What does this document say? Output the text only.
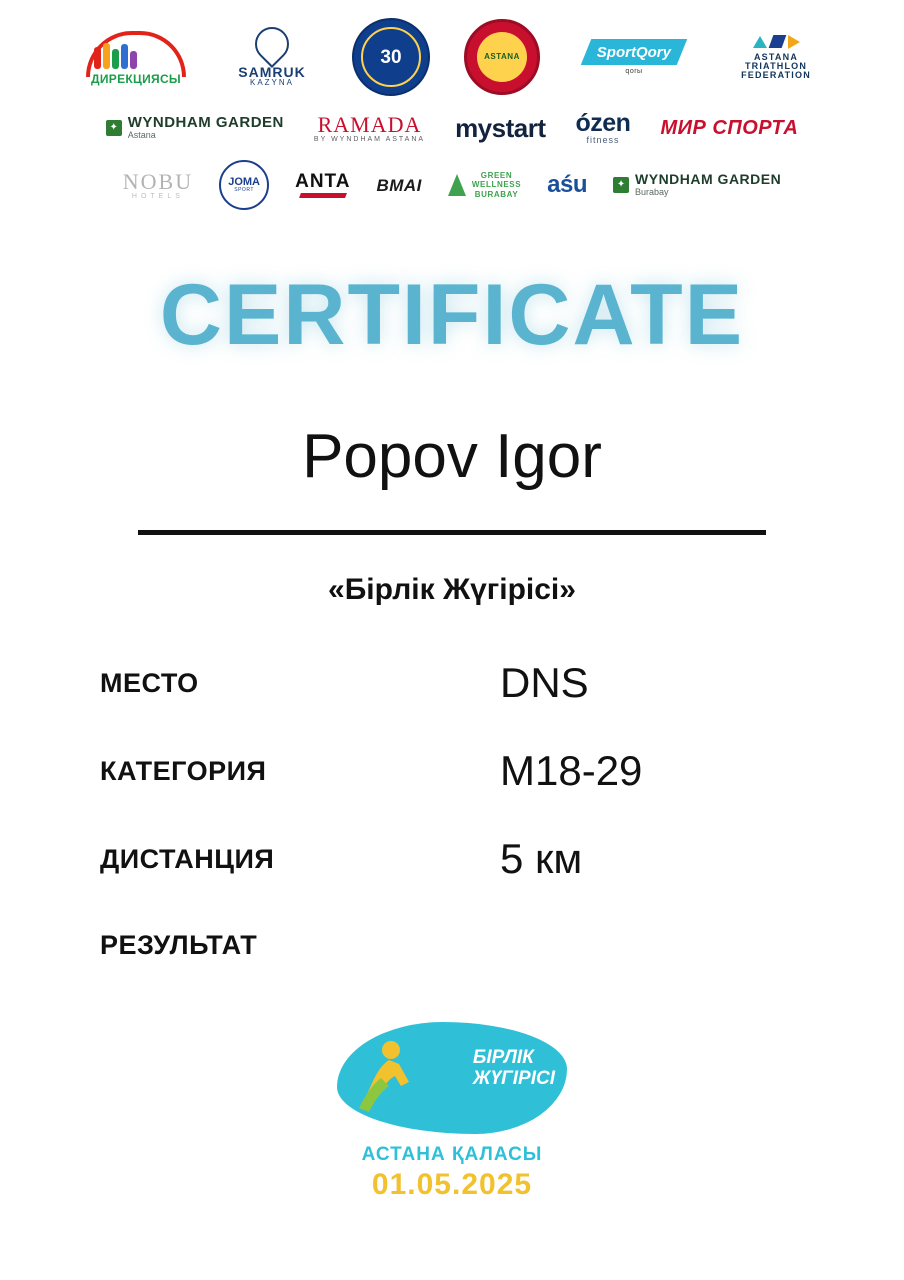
ДИРЕКЦИЯСЫ	SAMRUK
KAZYNA
30	ASTANA	SportQory
qorы
ASTANA
TRIATHLON
FEDERATION
✦ WYNDHAM GARDEN
Astana	RAMADA
BY WYNDHAM ASTANA mystart ózen
fitness
МИР СПОРТА
NOBU
HOTELS
JOMA
SPORT ANTA BMAI	GREEN
WELLNESS
BURABAY aśu	✦ WYNDHAM GARDEN
Burabay
CERTIFICATE
Popov Igor
«Бірлік Жүгірісі»
МЕСТО	DNS
КАТЕГОРИЯ	M18-29
ДИСТАНЦИЯ	5 км
РЕЗУЛЬТАТ
БІРЛІК
ЖҮГІРІСІ
АСТАНА ҚАЛАСЫ
01.05.2025
